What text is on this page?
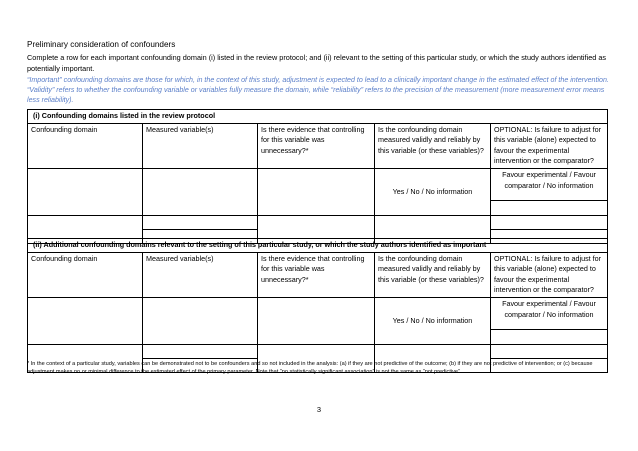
Preliminary consideration of confounders
Complete a row for each important confounding domain (i) listed in the review protocol; and (ii) relevant to the setting of this particular study, or which the study authors identified as potentially important.
“Important” confounding domains are those for which, in the context of this study, adjustment is expected to lead to a clinically important change in the estimated effect of the intervention. “Validity” refers to whether the confounding variable or variables fully measure the domain, while “reliability” refers to the precision of the measurement (more measurement error means less reliability).
(i) Confounding domains listed in the review protocol				
Confounding domain	Measured variable(s)	Is there evidence that controlling for this variable was unnecessary?*	Is the confounding domain measured validly and reliably by this variable (or these variables)?	OPTIONAL: Is failure to adjust for this variable (alone) expected to favour the experimental intervention or the comparator?
			Yes / No / No information	Favour experimental / Favour comparator / No information

(ii) Additional confounding domains relevant to the setting of this particular study, or which the study authors identified as important				
Confounding domain	Measured variable(s)	Is there evidence that controlling for this variable was unnecessary?*	Is the confounding domain measured validly and reliably by this variable (or these variables)?	OPTIONAL: Is failure to adjust for this variable (alone) expected to favour the experimental intervention or the comparator?
			Yes / No / No information	Favour experimental / Favour comparator / No information

* In the context of a particular study, variables can be demonstrated not to be confounders and so not included in the analysis: (a) if they are not predictive of the outcome; (b) if they are not predictive of intervention; or (c) because adjustment makes no or minimal difference to the estimated effect of the primary parameter. Note that “no statistically significant association” is not the same as “not predictive”.
3
